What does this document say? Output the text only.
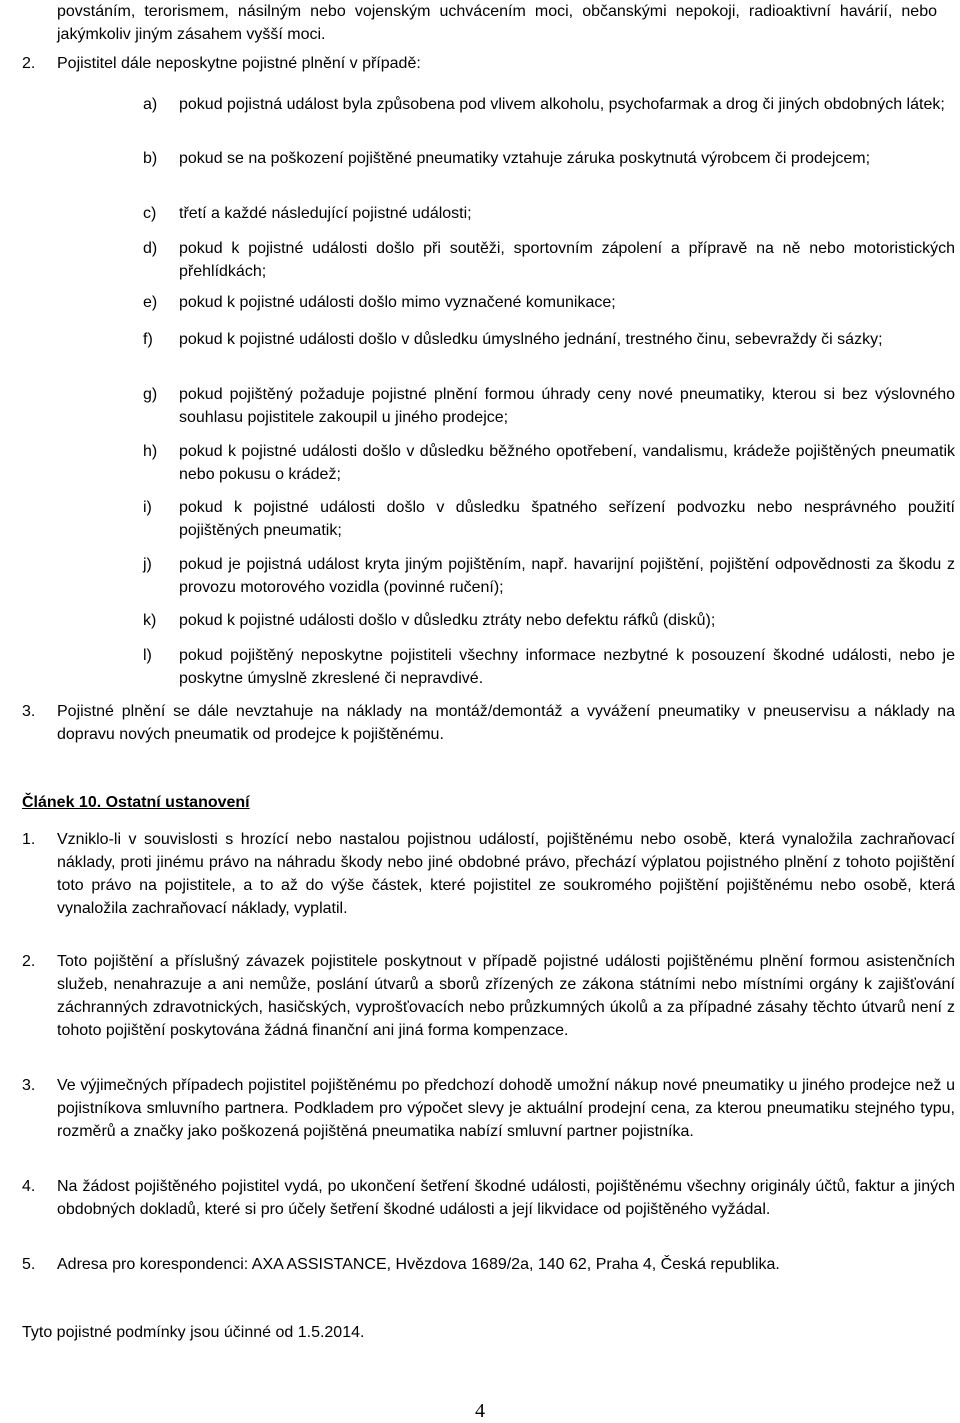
povstáním, terorismem, násilným nebo vojenským uchvácením moci, občanskými nepokoji, radioaktivní havárií, nebo jakýmkoliv jiným zásahem vyšší moci.
2. Pojistitel dále neposkytne pojistné plnění v případě:
a) pokud pojistná událost byla způsobena pod vlivem alkoholu, psychofarmak a drog či jiných obdobných látek;
b) pokud se na poškození pojištěné pneumatiky vztahuje záruka poskytnutá výrobcem či prodejcem;
c) třetí a každé následující pojistné události;
d) pokud k pojistné události došlo při soutěži, sportovním zápolení a přípravě na ně nebo motoristických přehlídkách;
e) pokud k pojistné události došlo mimo vyznačené komunikace;
f) pokud k pojistné události došlo v důsledku úmyslného jednání, trestného činu, sebevraždy či sázky;
g) pokud pojištěný požaduje pojistné plnění formou úhrady ceny nové pneumatiky, kterou si bez výslovného souhlasu pojistitele zakoupil u jiného prodejce;
h) pokud k pojistné události došlo v důsledku běžného opotřebení, vandalismu, krádeže pojištěných pneumatik nebo pokusu o krádež;
i) pokud k pojistné události došlo v důsledku špatného seřízení podvozku nebo nesprávného použití pojištěných pneumatik;
j) pokud je pojistná událost kryta jiným pojištěním, např. havarijní pojištění, pojištění odpovědnosti za škodu z provozu motorového vozidla (povinné ručení);
k) pokud k pojistné události došlo v důsledku ztráty nebo defektu ráfků (disků);
l) pokud pojištěný neposkytne pojistiteli všechny informace nezbytné k posouzení škodné události, nebo je poskytne úmyslně zkreslené či nepravdivé.
3. Pojistné plnění se dále nevztahuje na náklady na montáž/demontáž a vyvážení pneumatiky v pneuservisu a náklady na dopravu nových pneumatik od prodejce k pojištěnému.
Článek 10. Ostatní ustanovení
1. Vzniklo-li v souvislosti s hrozící nebo nastalou pojistnou událostí, pojištěnému nebo osobě, která vynaložila zachraňovací náklady, proti jinému právo na náhradu škody nebo jiné obdobné právo, přechází výplatou pojistného plnění z tohoto pojištění toto právo na pojistitele, a to až do výše částek, které pojistitel ze soukromého pojištění pojištěnému nebo osobě, která vynaložila zachraňovací náklady, vyplatil.
2. Toto pojištění a příslušný závazek pojistitele poskytnout v případě pojistné události pojištěnému plnění formou asistenčních služeb, nenahrazuje a ani nemůže, poslání útvarů a sborů zřízených ze zákona státními nebo místními orgány k zajišťování záchranných zdravotnických, hasičských, vyprošťovacích nebo průzkumných úkolů a za případné zásahy těchto útvarů není z tohoto pojištění poskytována žádná finanční ani jiná forma kompenzace.
3. Ve výjimečných případech pojistitel pojištěnému po předchozí dohodě umožní nákup nové pneumatiky u jiného prodejce než u pojistníkova smluvního partnera. Podkladem pro výpočet slevy je aktuální prodejní cena, za kterou pneumatiku stejného typu, rozměrů a značky jako poškozená pojištěná pneumatika nabízí smluvní partner pojistníka.
4. Na žádost pojištěného pojistitel vydá, po ukončení šetření škodné události, pojištěnému všechny originály účtů, faktur a jiných obdobných dokladů, které si pro účely šetření škodné události a její likvidace od pojištěného vyžádal.
5. Adresa pro korespondenci: AXA ASSISTANCE, Hvězdova 1689/2a, 140 62, Praha 4, Česká republika.
Tyto pojistné podmínky jsou účinné od 1.5.2014.
4
